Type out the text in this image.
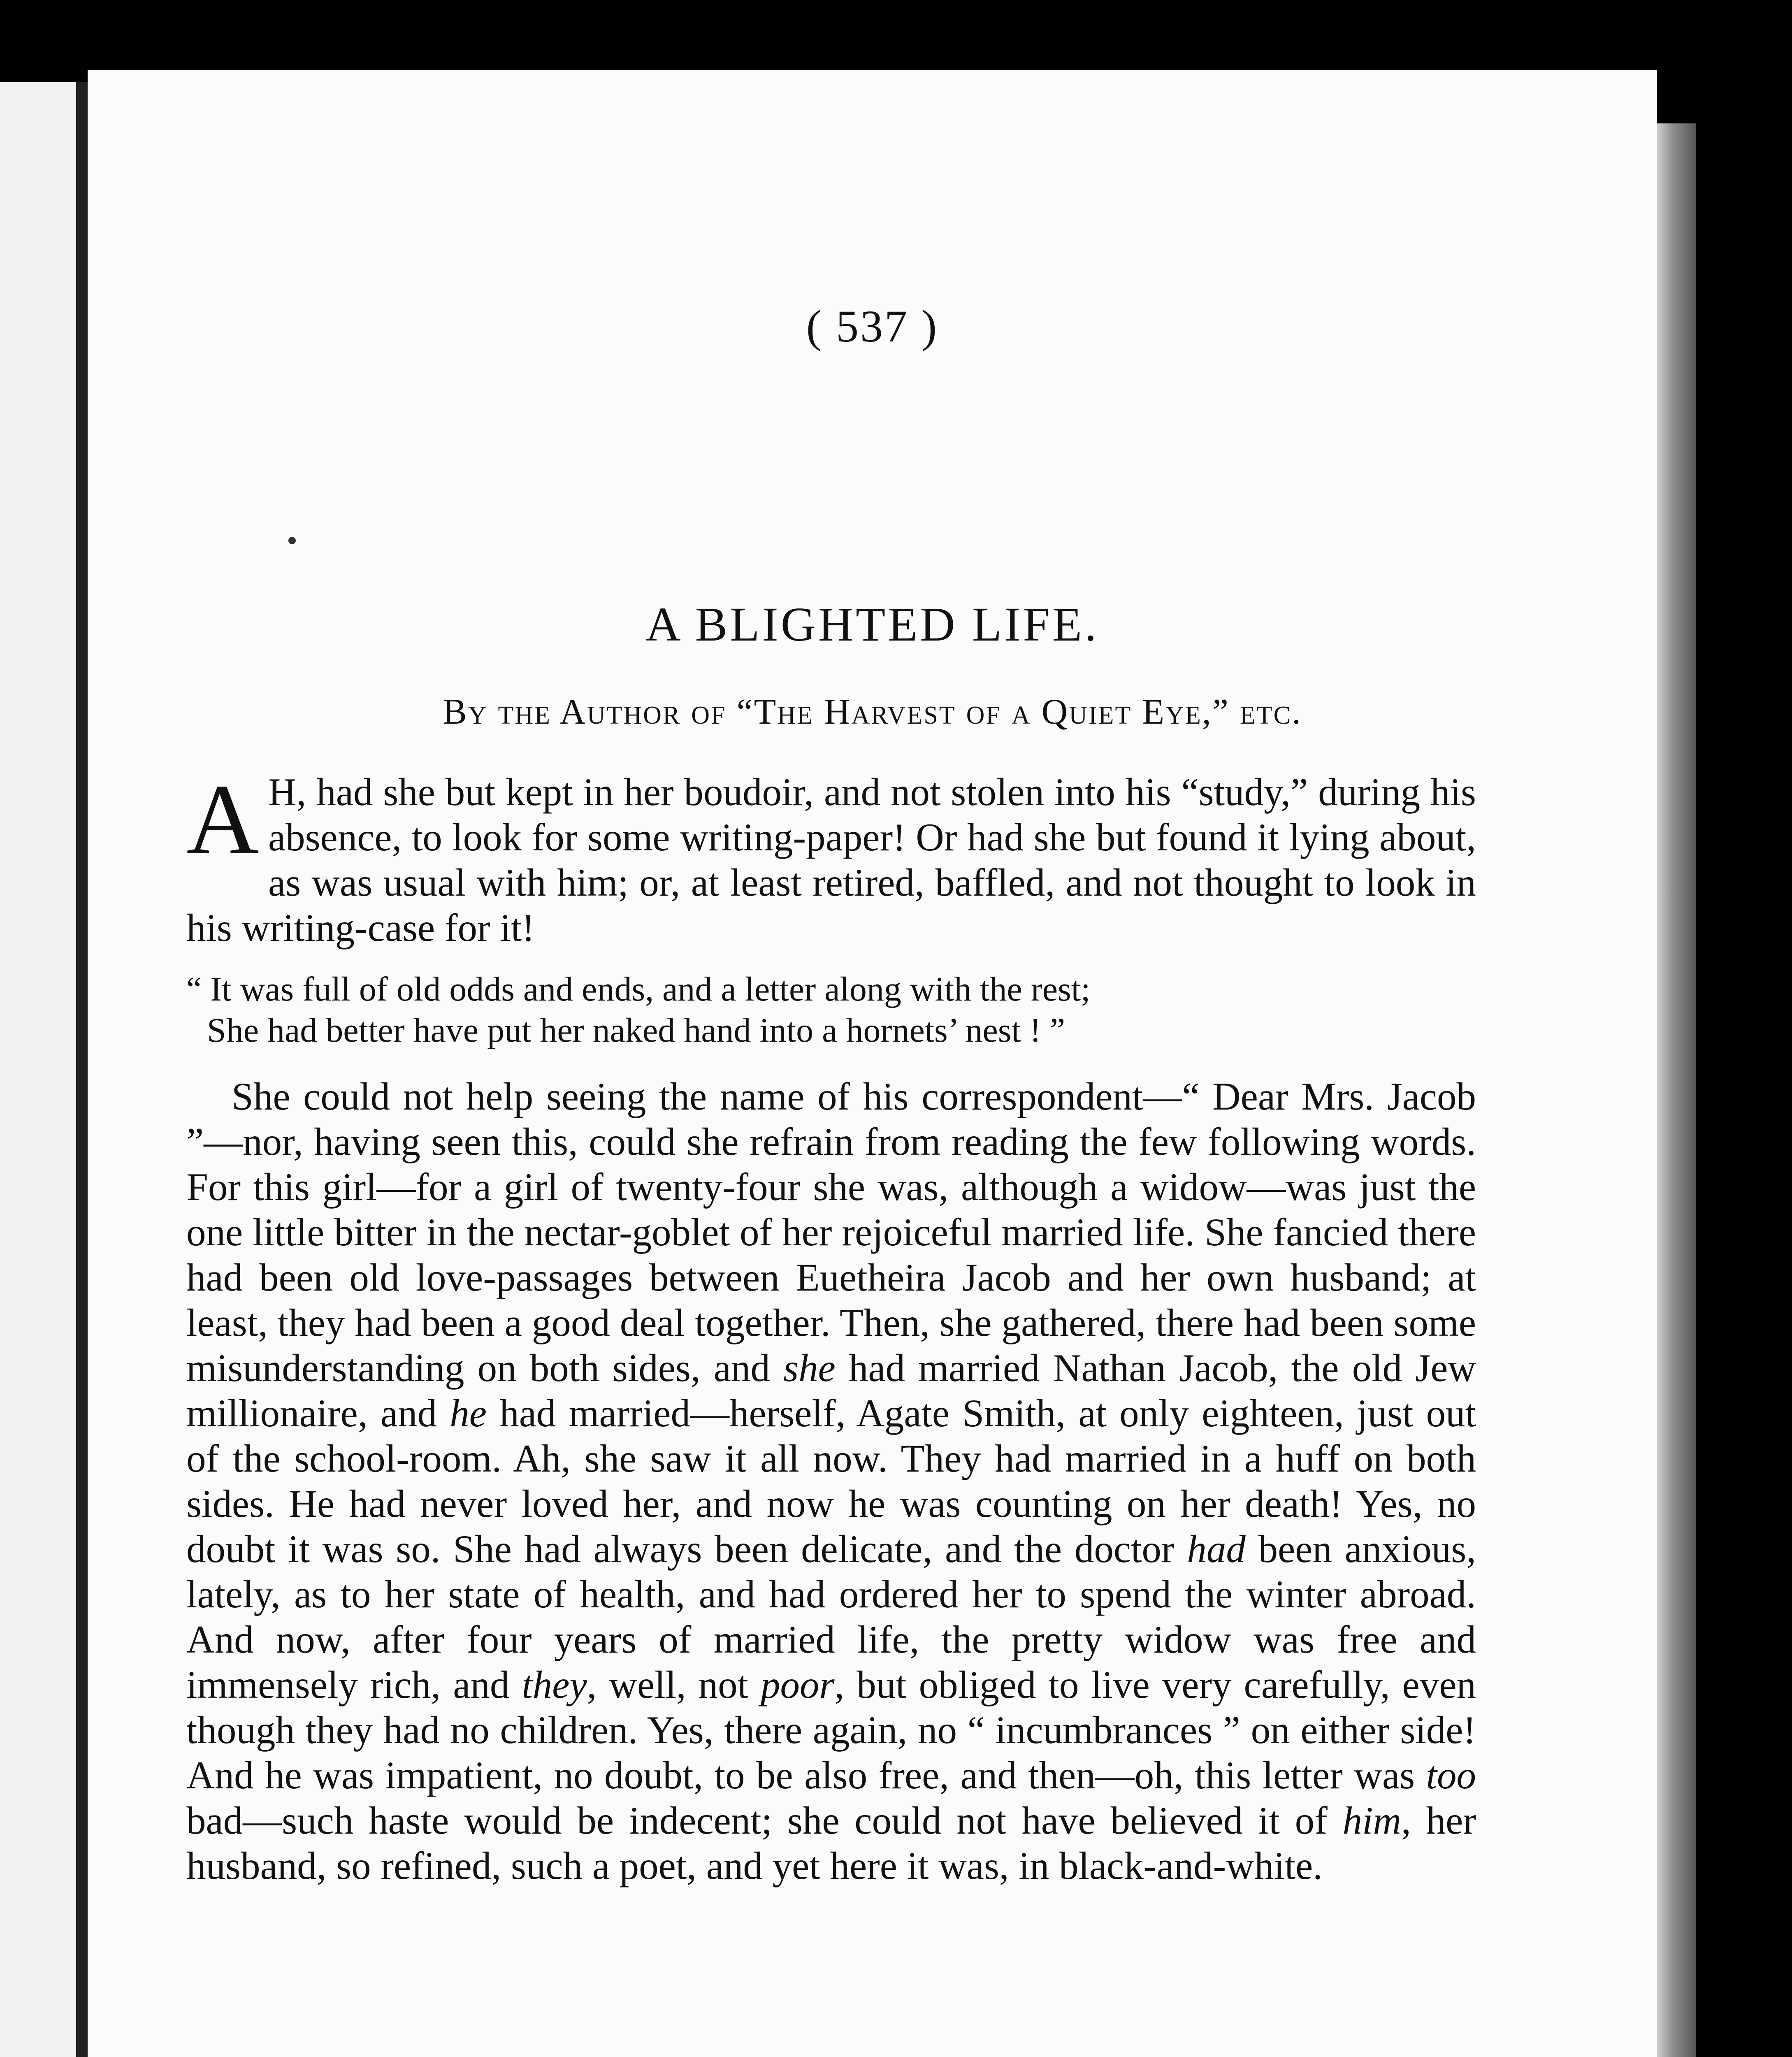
( 537 )
A BLIGHTED LIFE.
By the Author of “The Harvest of a Quiet Eye,” etc.
A H, had she but kept in her boudoir, and not stolen into his “study,” during his absence, to look for some writing-paper! Or had she but found it lying about, as was usual with him; or, at least retired, baffled, and not thought to look in his writing-case for it!
“ It was full of old odds and ends, and a letter along with the rest;
She had better have put her naked hand into a hornets’ nest ! ”
She could not help seeing the name of his correspondent—“ Dear Mrs. Jacob ”—nor, having seen this, could she refrain from reading the few following words. For this girl—for a girl of twenty-four she was, although a widow—was just the one little bitter in the nectar-goblet of her rejoiceful married life. She fancied there had been old love-passages between Euetheira Jacob and her own husband; at least, they had been a good deal together. Then, she gathered, there had been some misunderstanding on both sides, and she had married Nathan Jacob, the old Jew millionaire, and he had married—herself, Agate Smith, at only eighteen, just out of the school-room. Ah, she saw it all now. They had married in a huff on both sides. He had never loved her, and now he was counting on her death! Yes, no doubt it was so. She had always been delicate, and the doctor had been anxious, lately, as to her state of health, and had ordered her to spend the winter abroad. And now, after four years of married life, the pretty widow was free and immensely rich, and they, well, not poor, but obliged to live very carefully, even though they had no children. Yes, there again, no “ incumbrances ” on either side! And he was impatient, no doubt, to be also free, and then—oh, this letter was too bad—such haste would be indecent; she could not have believed it of him, her husband, so refined, such a poet, and yet here it was, in black-and-white.
